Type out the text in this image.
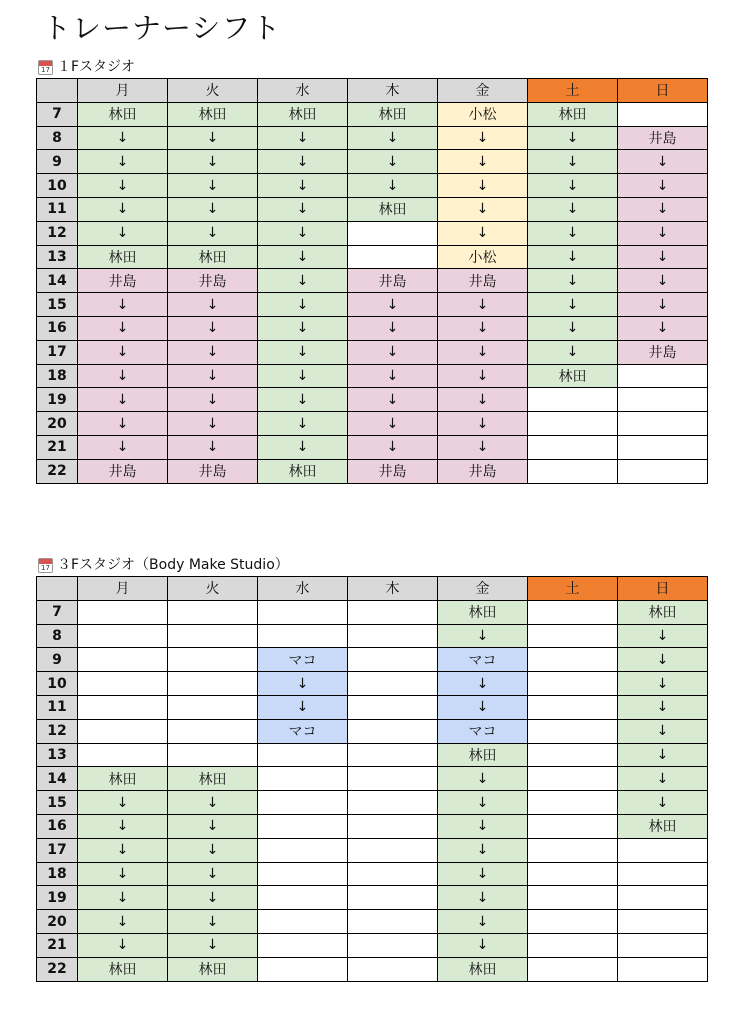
トレーナーシフト
17 １Fスタジオ
	月	火	水	木	金	土	日
7	林田	林田	林田	林田	小松	林田	
8	↓	↓	↓	↓	↓	↓	井島
9	↓	↓	↓	↓	↓	↓	↓
10	↓	↓	↓	↓	↓	↓	↓
11	↓	↓	↓	林田	↓	↓	↓
12	↓	↓	↓		↓	↓	↓
13	林田	林田	↓		小松	↓	↓
14	井島	井島	↓	井島	井島	↓	↓
15	↓	↓	↓	↓	↓	↓	↓
16	↓	↓	↓	↓	↓	↓	↓
17	↓	↓	↓	↓	↓	↓	井島
18	↓	↓	↓	↓	↓	林田	
19	↓	↓	↓	↓	↓		
20	↓	↓	↓	↓	↓		
21	↓	↓	↓	↓	↓		
22	井島	井島	林田	井島	井島		
17 ３Fスタジオ（Body Make Studio）
	月	火	水	木	金	土	日
7					林田		林田
8					↓		↓
9			マコ		マコ		↓
10			↓		↓		↓
11			↓		↓		↓
12			マコ		マコ		↓
13					林田		↓
14	林田	林田			↓		↓
15	↓	↓			↓		↓
16	↓	↓			↓		林田
17	↓	↓			↓		
18	↓	↓			↓		
19	↓	↓			↓		
20	↓	↓			↓		
21	↓	↓			↓		
22	林田	林田			林田		
